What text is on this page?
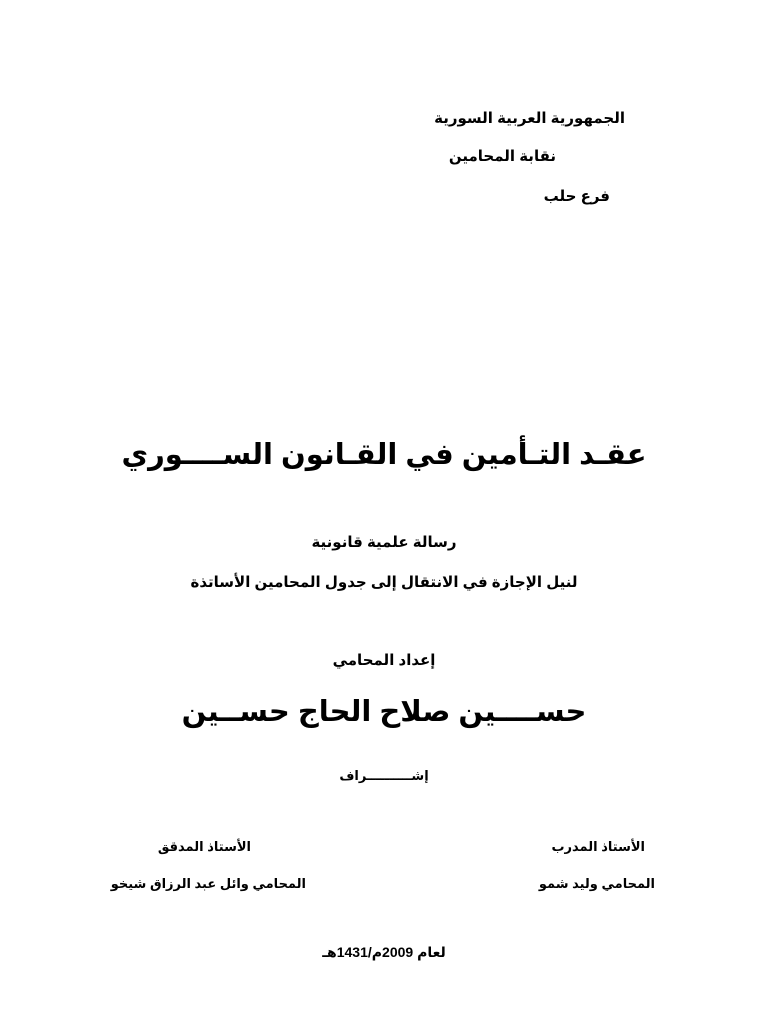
الجمهورية العربية السورية
نقابة المحامين
فرع حلب
عقـد التـأمين في القـانون الســــوري
رسالة علمية قانونية
لنيل الإجازة في الانتقال إلى جدول المحامين الأساتذة
إعداد المحامي
حســــين صلاح الحاج حســين
إشــــــــــراف
الأستاذ المدرب
المحامي وليد شمو
الأستاذ المدقق
المحامي وائل عبد الرزاق شيخو
لعام 2009م/1431هـ
